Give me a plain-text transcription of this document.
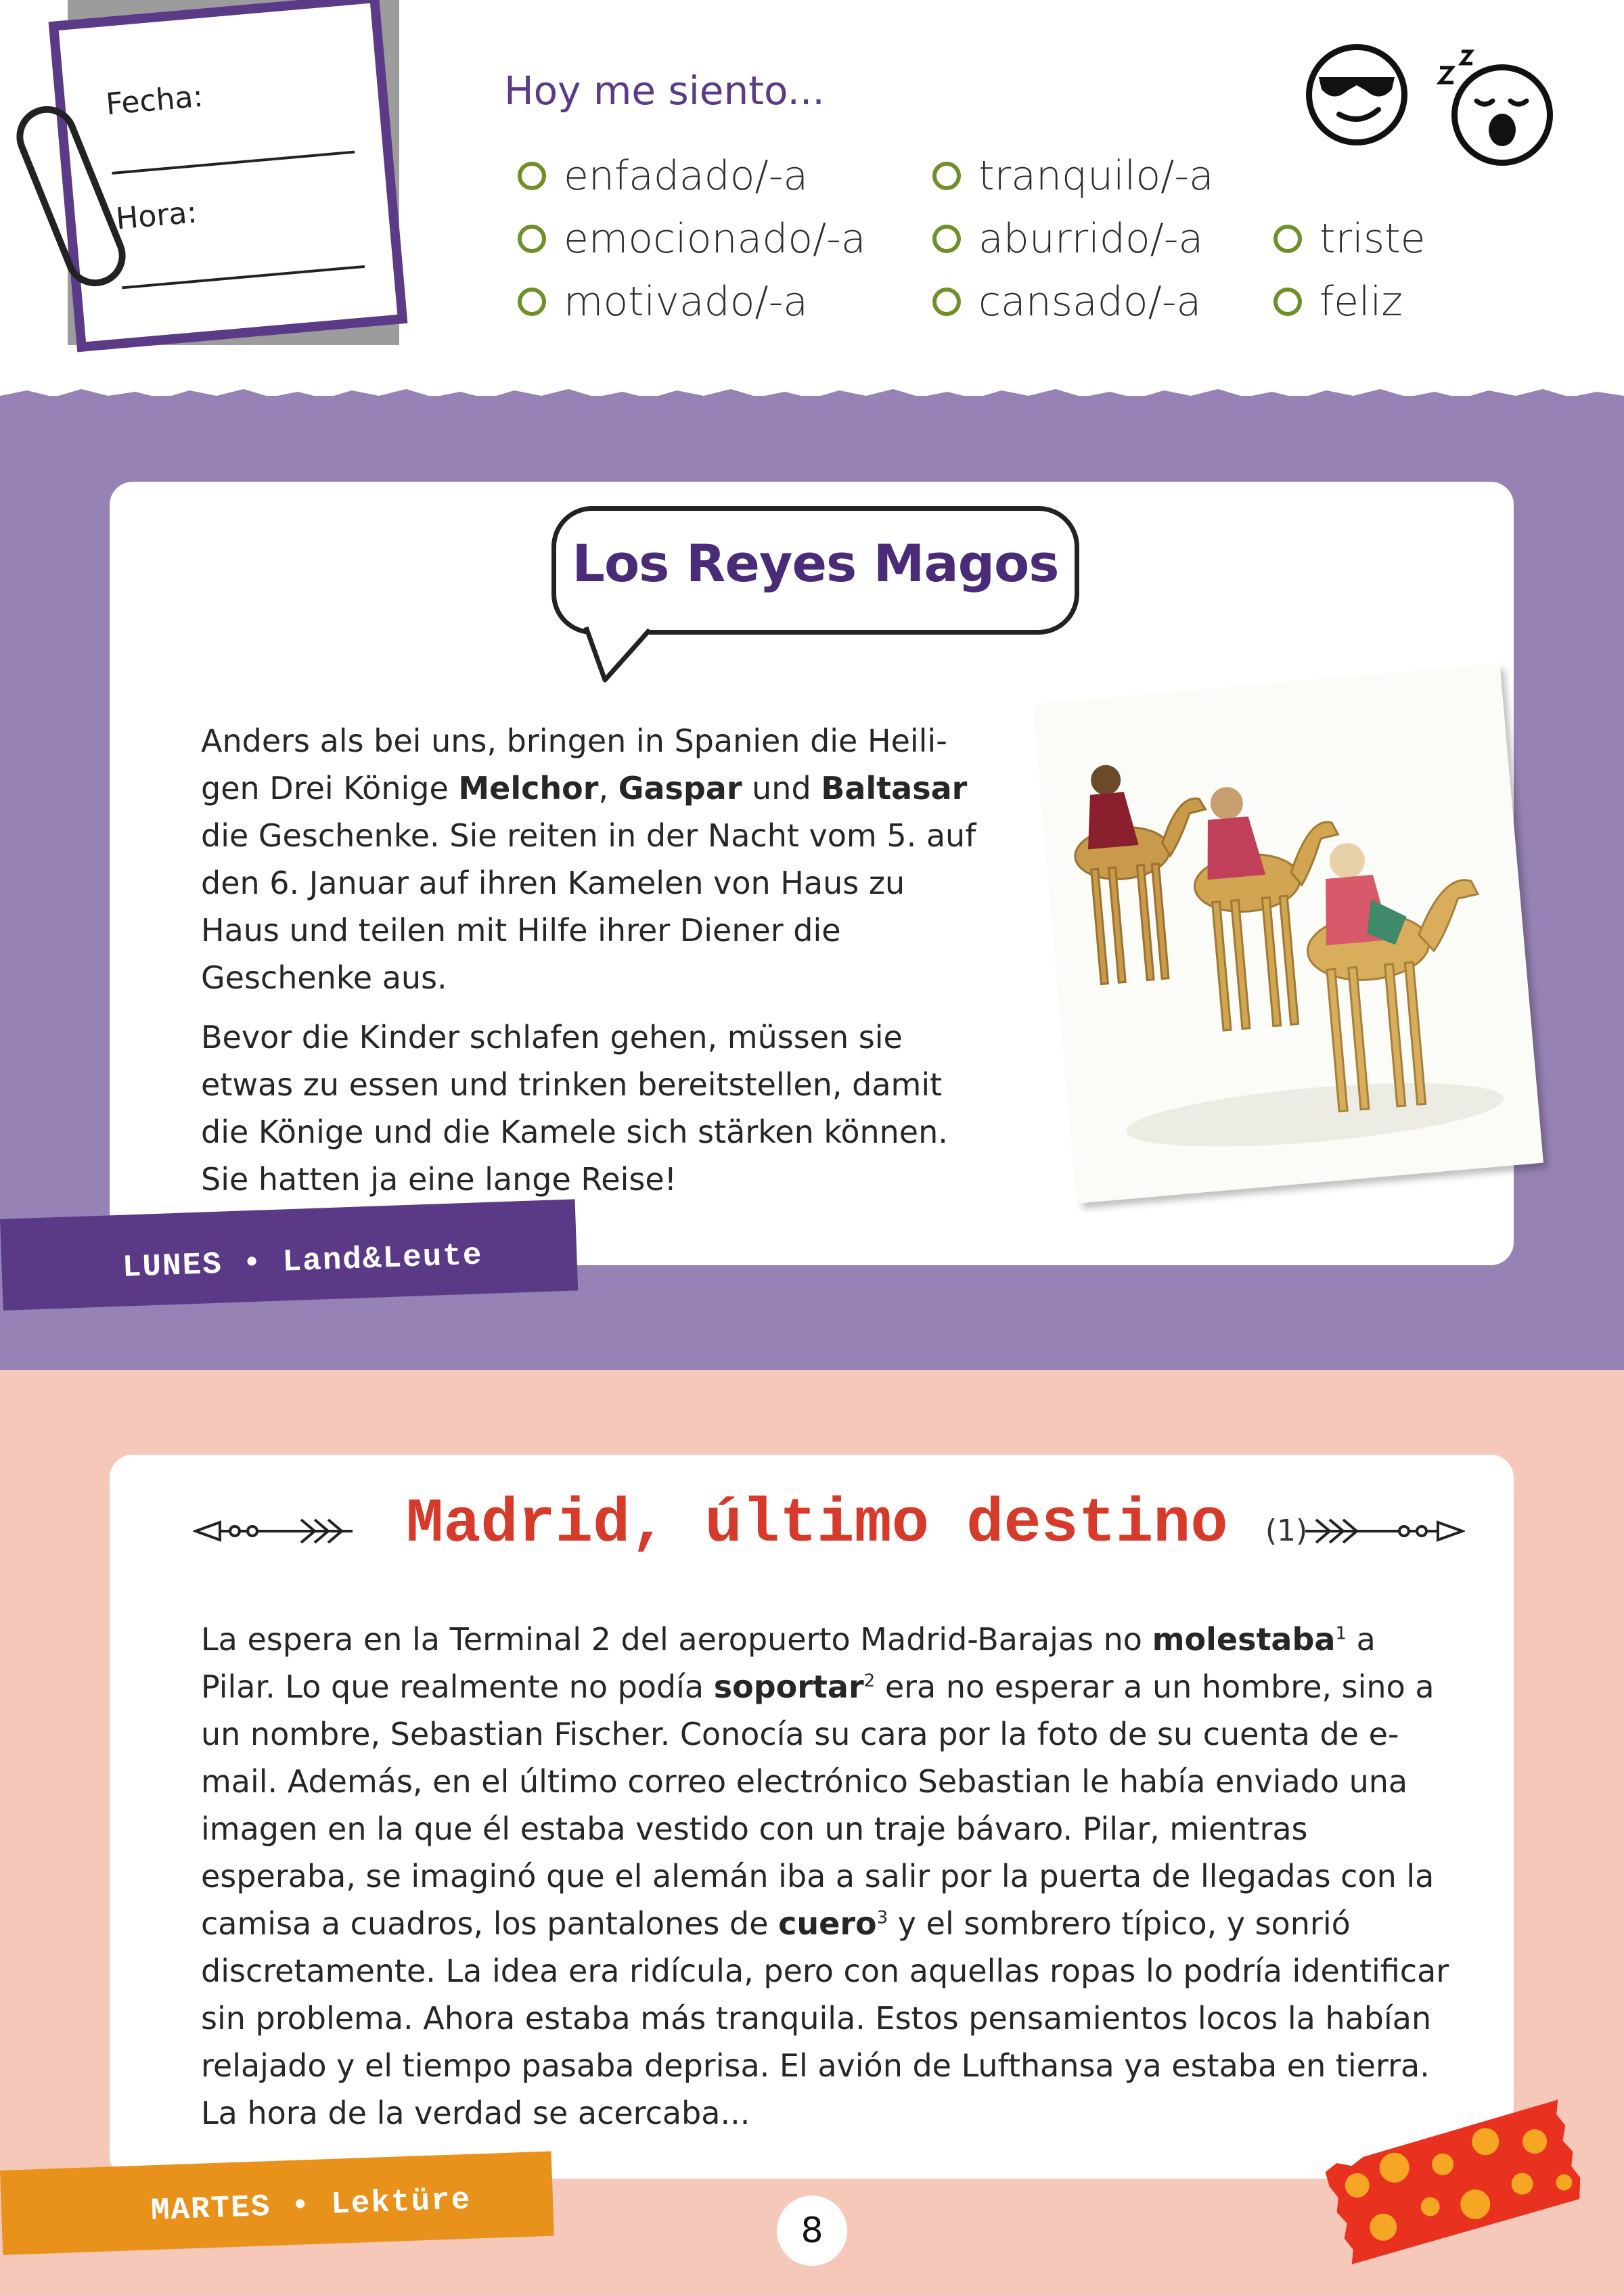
Fecha:
Hora:
Hoy me siento...
enfadado/-a
emocionado/-a
motivado/-a
tranquilo/-a
aburrido/-a
cansado/-a
triste
feliz
Los Reyes Magos

Anders als bei uns, bringen in Spanien die Heiligen Drei Könige Melchor, Gaspar und Baltasar die Geschenke. Sie reiten in der Nacht vom 5. auf den 6. Januar auf ihren Kamelen von Haus zu Haus und teilen mit Hilfe ihrer Diener die Geschenke aus.

Bevor die Kinder schlafen gehen, müssen sie etwas zu essen und trinken bereitstellen, damit die Könige und die Kamele sich stärken können. Sie hatten ja eine lange Reise!

LUNES • Land&Leute
Madrid, último destino (1)
La espera en la Terminal 2 del aeropuerto Madrid-Barajas no molestaba$^1$ a Pilar. Lo que realmente no podía soportar$^2$ era no esperar a un hombre, sino a un nombre, Sebastian Fischer. Conocía su cara por la foto de su cuenta de e-mail. Además, en el último correo electrónico Sebastian le había enviado una imagen en la que él estaba vestido con un traje bávaro. Pilar, mientras esperaba, se imaginó que el alemán iba a salir por la puerta de llegadas con la camisa a cuadros, los pantalones de cuero$^3$ y el sombrero típico, y sonrió discretamente. La idea era ridícula, pero con aquellas ropas lo podría identificar sin problema. Ahora estaba más tranquila. Estos pensamientos locos la habían relajado y el tiempo pasaba deprisa. El avión de Lufthansa ya estaba en tierra. La hora de la verdad se acercaba...
MARTES • Lektüre
8
